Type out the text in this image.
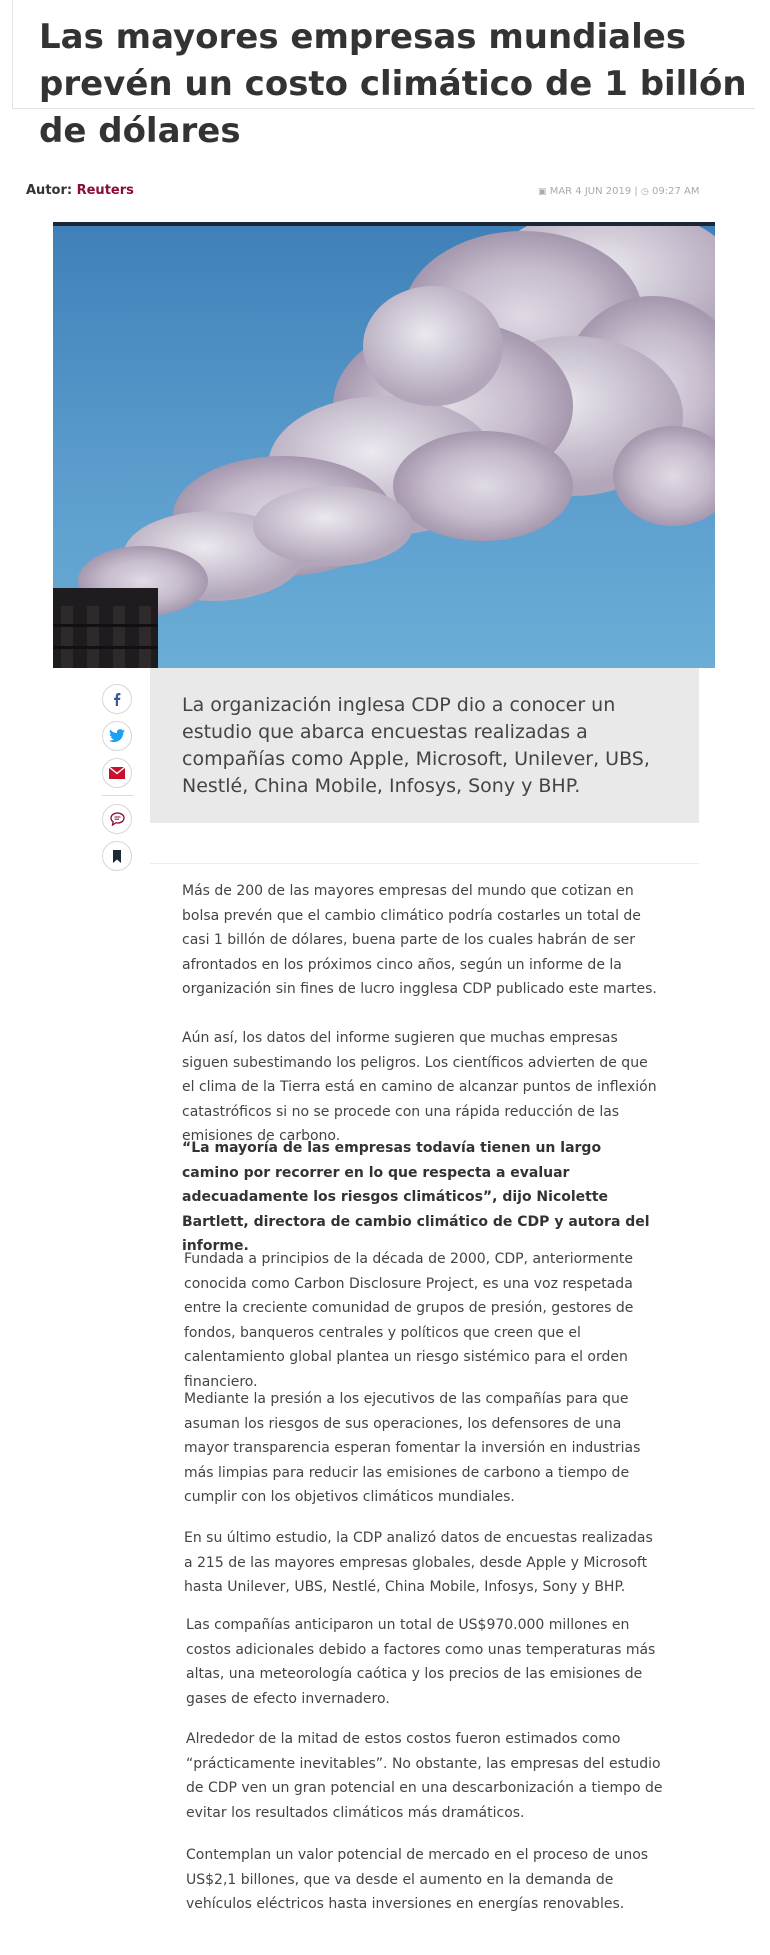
Las mayores empresas mundiales prevén un costo climático de 1 billón de dólares
Autor: Reuters	▣ MAR 4 JUN 2019 | ◷ 09:27 AM

La organización inglesa CDP dio a conocer un estudio que abarca encuestas realizadas a compañías como Apple, Microsoft, Unilever, UBS, Nestlé, China Mobile, Infosys, Sony y BHP.

Más de 200 de las mayores empresas del mundo que cotizan en bolsa prevén que el cambio climático podría costarles un total de casi 1 billón de dólares, buena parte de los cuales habrán de ser afrontados en los próximos cinco años, según un informe de la organización sin fines de lucro ingglesa CDP publicado este martes.

Aún así, los datos del informe sugieren que muchas empresas siguen subestimando los peligros. Los científicos advierten de que el clima de la Tierra está en camino de alcanzar puntos de inflexión catastróficos si no se procede con una rápida reducción de las emisiones de carbono.

“La mayoría de las empresas todavía tienen un largo camino por recorrer en lo que respecta a evaluar adecuadamente los riesgos climáticos”, dijo Nicolette Bartlett, directora de cambio climático de CDP y autora del informe.

Fundada a principios de la década de 2000, CDP, anteriormente conocida como Carbon Disclosure Project, es una voz respetada entre la creciente comunidad de grupos de presión, gestores de fondos, banqueros centrales y políticos que creen que el calentamiento global plantea un riesgo sistémico para el orden financiero.

Mediante la presión a los ejecutivos de las compañías para que asuman los riesgos de sus operaciones, los defensores de una mayor transparencia esperan fomentar la inversión en industrias más limpias para reducir las emisiones de carbono a tiempo de cumplir con los objetivos climáticos mundiales.

En su último estudio, la CDP analizó datos de encuestas realizadas a 215 de las mayores empresas globales, desde Apple y Microsoft hasta Unilever, UBS, Nestlé, China Mobile, Infosys, Sony y BHP.

Las compañías anticiparon un total de US$970.000 millones en costos adicionales debido a factores como unas temperaturas más altas, una meteorología caótica y los precios de las emisiones de gases de efecto invernadero.

Alrededor de la mitad de estos costos fueron estimados como “prácticamente inevitables”. No obstante, las empresas del estudio de CDP ven un gran potencial en una descarbonización a tiempo de evitar los resultados climáticos más dramáticos.

Contemplan un valor potencial de mercado en el proceso de unos US$2,1 billones, que va desde el aumento en la demanda de vehículos eléctricos hasta inversiones en energías renovables.
